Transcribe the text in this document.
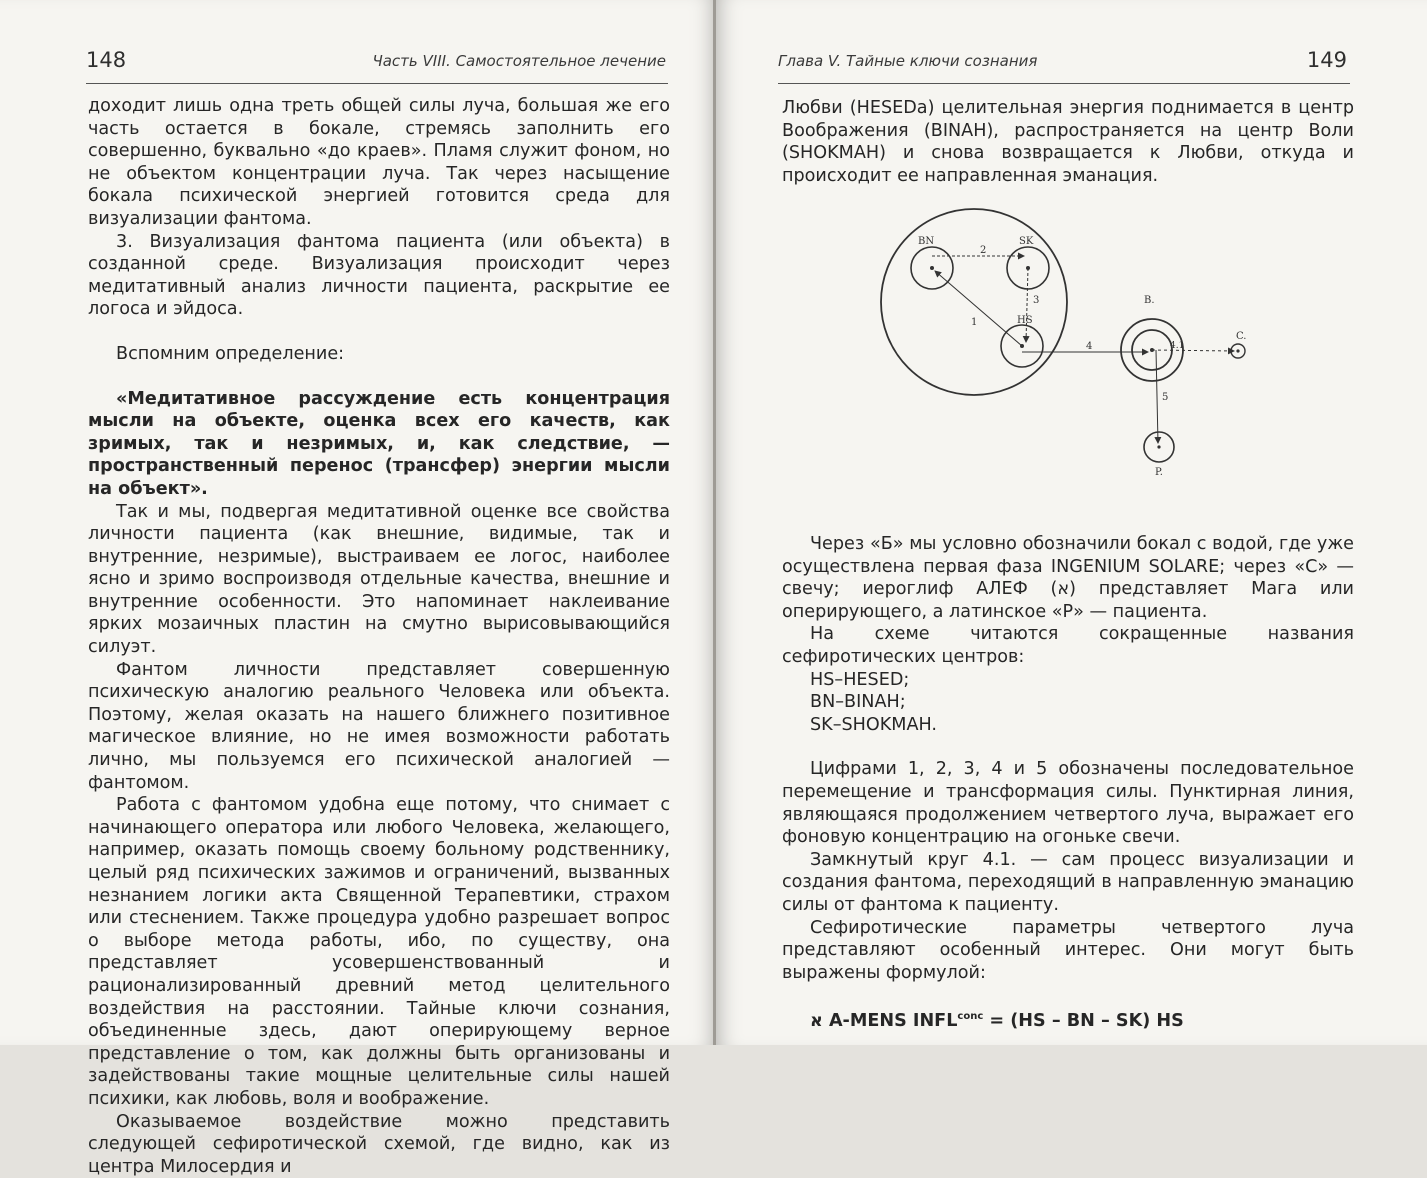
148	Часть VIII. Самостоятельное лечение

доходит лишь одна треть общей силы луча, большая же его часть остается в бокале, стремясь заполнить его совершенно, буквально «до краев». Пламя служит фоном, но не объектом концентрации луча. Так через насыщение бокала психической энергией готовится среда для визуализации фантома.

3. Визуализация фантома пациента (или объекта) в созданной среде. Визуализация происходит через медитативный анализ личности пациента, раскрытие ее логоса и эйдоса.

Вспомним определение:

«Медитативное рассуждение есть концентрация мысли на объекте, оценка всех его качеств, как зримых, так и незримых, и, как следствие, — пространственный перенос (трансфер) энергии мысли на объект».

Так и мы, подвергая медитативной оценке все свойства личности пациента (как внешние, видимые, так и внутренние, незримые), выстраиваем ее логос, наиболее ясно и зримо воспроизводя отдельные качества, внешние и внутренние особенности. Это напоминает наклеивание ярких мозаичных пластин на смутно вырисовывающийся силуэт.

Фантом личности представляет совершенную психическую аналогию реального Человека или объекта. Поэтому, желая оказать на нашего ближнего позитивное магическое влияние, но не имея возможности работать лично, мы пользуемся его психической аналогией — фантомом.

Работа с фантомом удобна еще потому, что снимает с начинающего оператора или любого Человека, желающего, например, оказать помощь своему больному родственнику, целый ряд психических зажимов и ограничений, вызванных незнанием логики акта Священной Терапевтики, страхом или стеснением. Также процедура удобно разрешает вопрос о выборе метода работы, ибо, по существу, она представляет усовершенствованный и рационализированный древний метод целительного воздействия на расстоянии. Тайные ключи сознания, объединенные здесь, дают оперирующему верное представление о том, как должны быть организованы и задействованы такие мощные целительные силы нашей психики, как любовь, воля и воображение.

Оказываемое воздействие можно представить следующей сефиротической схемой, где видно, как из центра Милосердия и

Глава V. Тайные ключи сознания	149

Любви (HESEDa) целительная энергия поднимается в центр Воображения (BINAH), распространяется на центр Воли (SHOKMAH) и снова возвращается к Любви, откуда и происходит ее направленная эманация.

BN	SK
HS
B.
C.
P.
1
2
3
4	4.1
5

Через «Б» мы условно обозначили бокал с водой, где уже осуществлена первая фаза INGENIUM SOLARE; через «С» — свечу; иероглиф АЛЕФ (א) представляет Мага или оперирующего, а латинское «Р» — пациента.

На схеме читаются сокращенные названия сефиротических центров:

HS–HESED;
BN–BINAH;
SK–SHOKMAH.

Цифрами 1, 2, 3, 4 и 5 обозначены последовательное перемещение и трансформация силы. Пунктирная линия, являющаяся продолжением четвертого луча, выражает его фоновую концентрацию на огоньке свечи.

Замкнутый круг 4.1. — сам процесс визуализации и создания фантома, переходящий в направленную эманацию силы от фантома к пациенту.

Сефиротические параметры четвертого луча представляют особенный интерес. Они могут быть выражены формулой:

א A-MENS $INFL^{conc} = (HS$ – BN – SK) HS
